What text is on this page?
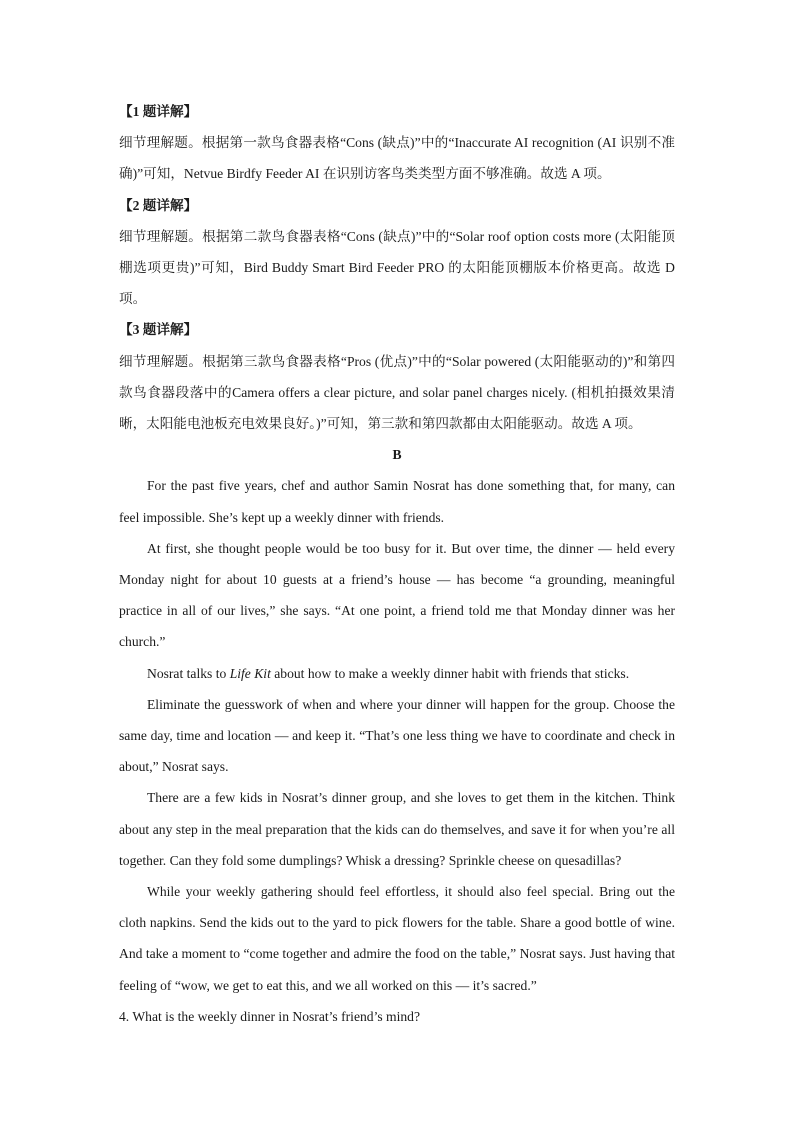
【1 题详解】

细节理解题。根据第一款鸟食器表格“Cons (缺点)”中的“Inaccurate AI recognition (AI 识别不准确)”可知，Netvue Birdfy Feeder AI 在识别访客鸟类类型方面不够准确。故选 A 项。

【2 题详解】

细节理解题。根据第二款鸟食器表格“Cons (缺点)”中的“Solar roof option costs more (太阳能顶棚选项更贵)”可知，Bird Buddy Smart Bird Feeder PRO 的太阳能顶棚版本价格更高。故选 D 项。

【3 题详解】

细节理解题。根据第三款鸟食器表格“Pros (优点)”中的“Solar powered (太阳能驱动的)”和第四款鸟食器段落中的Camera offers a clear picture, and solar panel charges nicely. (相机拍摄效果清晰，太阳能电池板充电效果良好。)”可知，第三款和第四款都由太阳能驱动。故选 A 项。

B

For the past five years, chef and author Samin Nosrat has done something that, for many, can feel impossible. She’s kept up a weekly dinner with friends.

At first, she thought people would be too busy for it. But over time, the dinner — held every Monday night for about 10 guests at a friend’s house — has become “a grounding, meaningful practice in all of our lives,” she says. “At one point, a friend told me that Monday dinner was her church.”

Nosrat talks to Life Kit about how to make a weekly dinner habit with friends that sticks.

Eliminate the guesswork of when and where your dinner will happen for the group. Choose the same day, time and location — and keep it. “That’s one less thing we have to coordinate and check in about,” Nosrat says.

There are a few kids in Nosrat’s dinner group, and she loves to get them in the kitchen. Think about any step in the meal preparation that the kids can do themselves, and save it for when you’re all together. Can they fold some dumplings? Whisk a dressing? Sprinkle cheese on quesadillas?

While your weekly gathering should feel effortless, it should also feel special. Bring out the cloth napkins. Send the kids out to the yard to pick flowers for the table. Share a good bottle of wine. And take a moment to “come together and admire the food on the table,” Nosrat says. Just having that feeling of “wow, we get to eat this, and we all worked on this — it’s sacred.”

4. What is the weekly dinner in Nosrat’s friend’s mind?
